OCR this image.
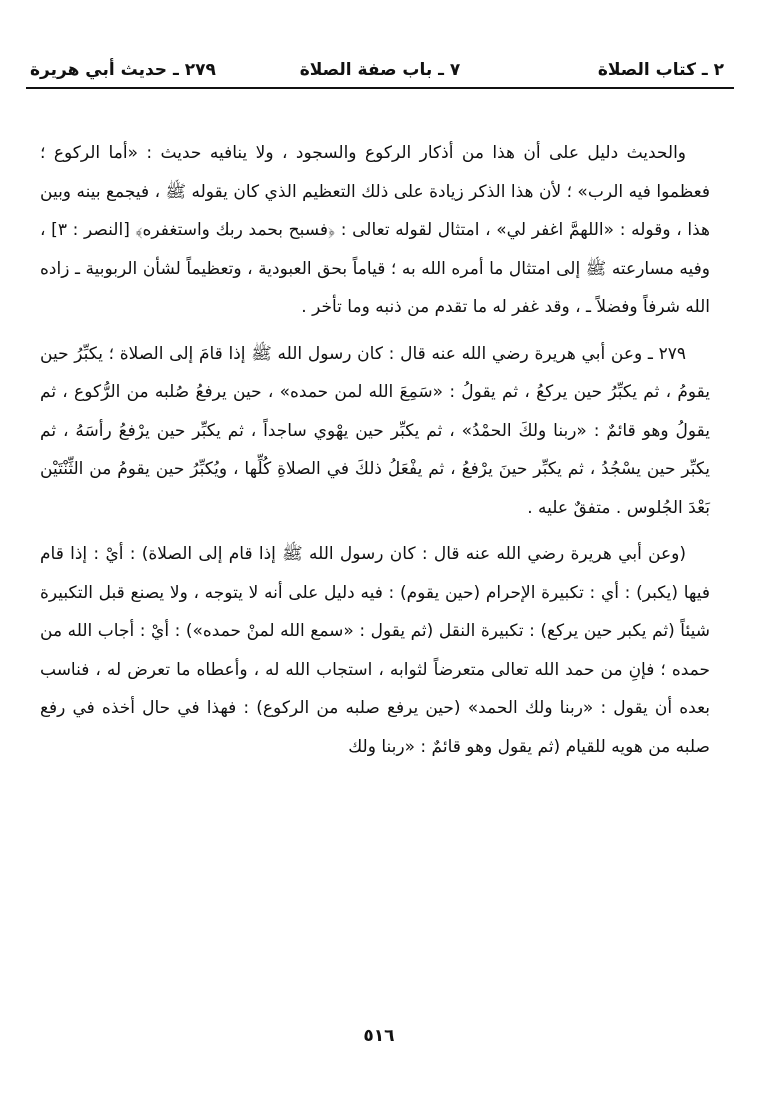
٢ ـ كتاب الصلاة
٧ ـ باب صفة الصلاة
٢٧٩ ـ حديث أبي هريرة

والحديث دليل على أن هذا من أذكار الركوع والسجود ، ولا ينافيه حديث : «أما الركوع ؛ فعظموا فيه الرب» ؛ لأن هذا الذكر زيادة على ذلك التعظيم الذي كان يقوله ﷺ ، فيجمع بينه وبين هذا ، وقوله : «اللهمَّ اغفر لي» ، امتثال لقوله تعالى : ﴿فسبح بحمد ربك واستغفره﴾ [النصر : ٣] ، وفيه مسارعته ﷺ إلى امتثال ما أمره الله به ؛ قياماً بحق العبودية ، وتعظيماً لشأن الربوبية ـ زاده الله شرفاً وفضلاً ـ ، وقد غفر له ما تقدم من ذنبه وما تأخر .

٢٧٩ ـ وعن أبي هريرة رضي الله عنه قال : كان رسول الله ﷺ إذا قامَ إلى الصلاة ؛ يكبِّرُ حين يقومُ ، ثم يكبِّرُ حين يركعُ ، ثم يقولُ : «سَمِعَ الله لمن حمده» ، حين يرفعُ صُلبه من الرُّكوع ، ثم يقولُ وهو قائمٌ : «ربنا ولكَ الحمْدُ» ، ثم يكبِّر حين يهْوي ساجداً ، ثم يكبِّر حين يرْفعُ رأسَهُ ، ثم يكبِّر حين يسْجُدُ ، ثم يكبِّر حينَ يرْفعُ ، ثم يفْعَلُ ذلكَ في الصلاةِ كُلِّها ، ويُكبِّرُ حين يقومُ من الثِّنْتَيْن بَعْدَ الجُلوس . متفقٌ عليه .

(وعن أبي هريرة رضي الله عنه قال : كان رسول الله ﷺ إذا قام إلى الصلاة) : أيْ : إذا قام فيها (يكبر) : أي : تكبيرة الإحرام (حين يقوم) : فيه دليل على أنه لا يتوجه ، ولا يصنع قبل التكبيرة شيئاً (ثم يكبر حين يركع) : تكبيرة النقل (ثم يقول : «سمع الله لمنْ حمده») : أيْ : أجاب الله من حمده ؛ فإنِ من حمد الله تعالى متعرضاً لثوابه ، استجاب الله له ، وأعطاه ما تعرض له ، فناسب بعده أن يقول : «ربنا ولك الحمد» (حين يرفع صلبه من الركوع) : فهذا في حال أخذه في رفع صلبه من هويه للقيام (ثم يقول وهو قائمٌ : «ربنا ولك

٥١٦
